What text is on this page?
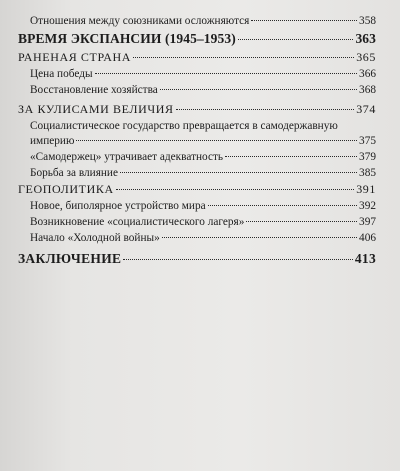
Отношения между союзниками осложняются	358
ВРЕМЯ ЭКСПАНСИИ (1945–1953)	363
РАНЕНАЯ СТРАНА	365
Цена победы	366
Восстановление хозяйства	368
ЗА КУЛИСАМИ ВЕЛИЧИЯ	374
Социалистическое государство превращается в самодержавную
империю	375
«Самодержец» утрачивает адекватность	379
Борьба за влияние	385
ГЕОПОЛИТИКА	391
Новое, биполярное устройство мира	392
Возникновение «социалистического лагеря»	397
Начало «Холодной войны»	406
ЗАКЛЮЧЕНИЕ	413
